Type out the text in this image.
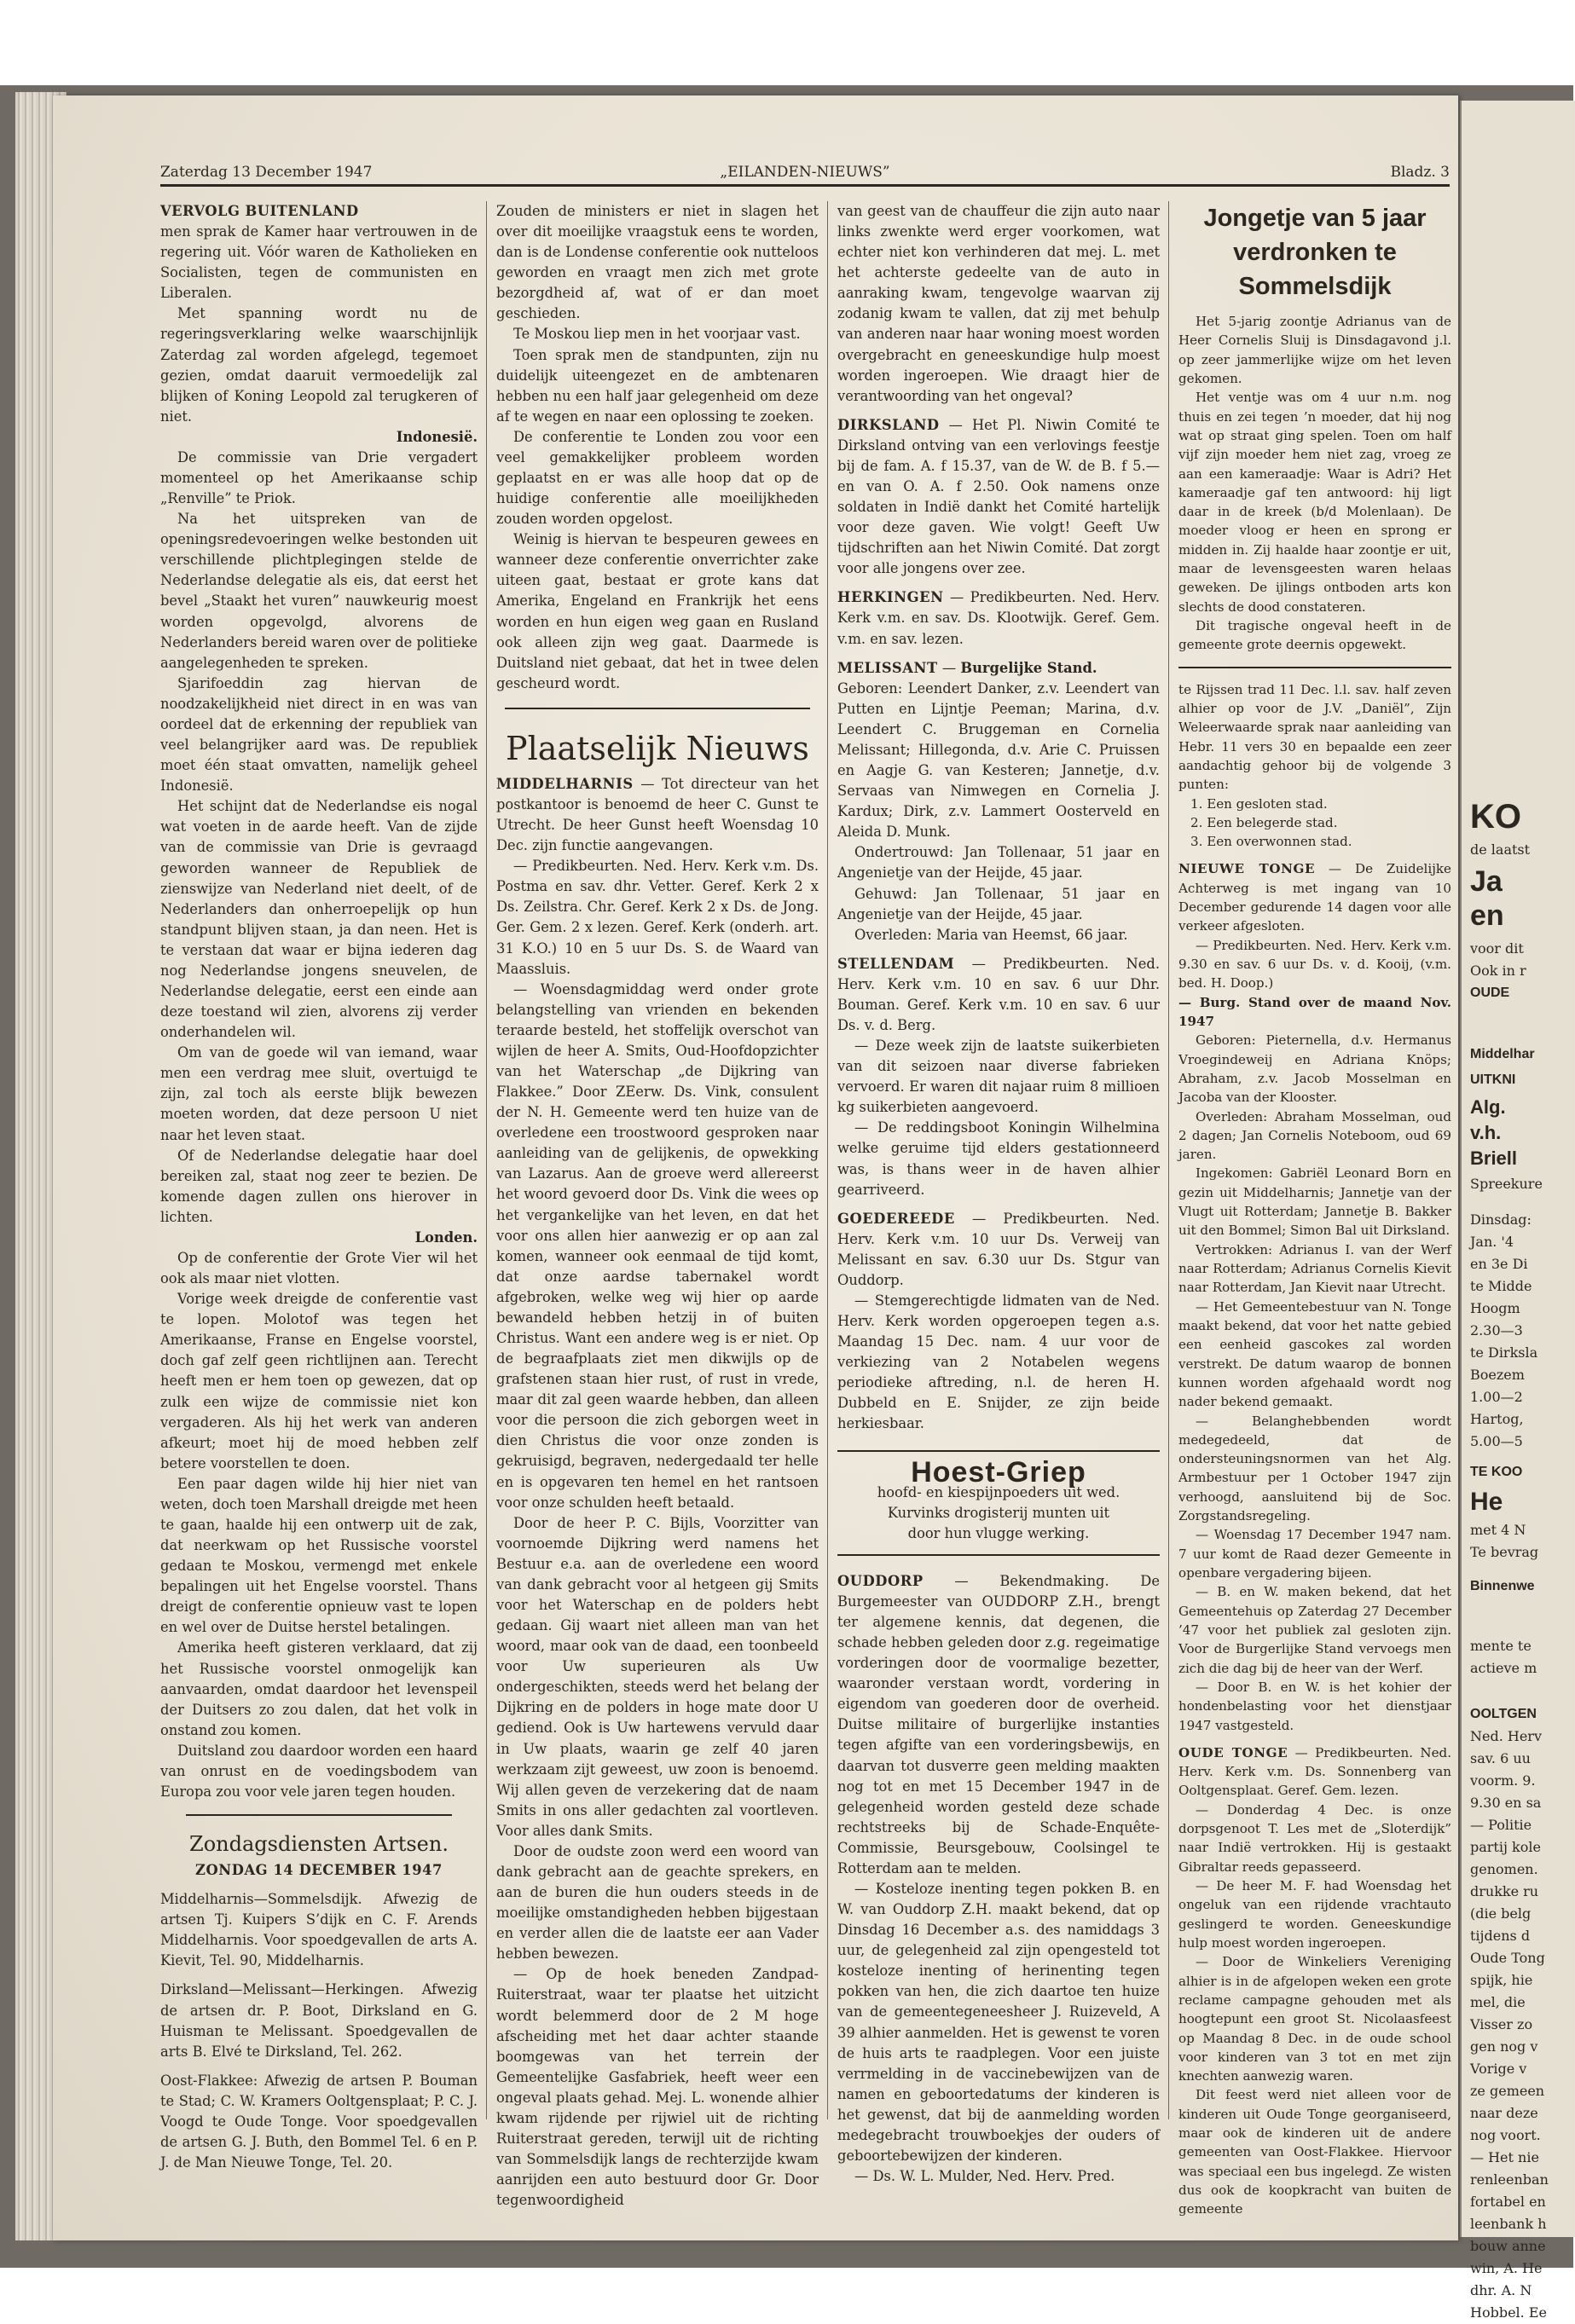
Zaterdag 13 December 1947	„EILANDEN-NIEUWS”	Bladz. 3

VERVOLG BUITENLAND

men sprak de Kamer haar vertrouwen in de regering uit. Vóór waren de Katholieken en Socialisten, tegen de communisten en Liberalen.

Met spanning wordt nu de regeringsverklaring welke waarschijnlijk Zaterdag zal worden afgelegd, tegemoet gezien, omdat daaruit vermoedelijk zal blijken of Koning Leopold zal terugkeren of niet.

Indonesië.

De commissie van Drie vergadert momenteel op het Amerikaanse schip „Renville” te Priok.

Na het uitspreken van de openingsredevoeringen welke bestonden uit verschillende plichtplegingen stelde de Nederlandse delegatie als eis, dat eerst het bevel „Staakt het vuren” nauwkeurig moest worden opgevolgd, alvorens de Nederlanders bereid waren over de politieke aangelegenheden te spreken.

Sjarifoeddin zag hiervan de noodzakelijkheid niet direct in en was van oordeel dat de erkenning der republiek van veel belangrijker aard was. De republiek moet één staat omvatten, namelijk geheel Indonesië.

Het schijnt dat de Nederlandse eis nogal wat voeten in de aarde heeft. Van de zijde van de commissie van Drie is gevraagd geworden wanneer de Republiek de zienswijze van Nederland niet deelt, of de Nederlanders dan onherroepelijk op hun standpunt blijven staan, ja dan neen. Het is te verstaan dat waar er bijna iederen dag nog Nederlandse jongens sneuvelen, de Nederlandse delegatie, eerst een einde aan deze toestand wil zien, alvorens zij verder onderhandelen wil.

Om van de goede wil van iemand, waar men een verdrag mee sluit, overtuigd te zijn, zal toch als eerste blijk bewezen moeten worden, dat deze persoon U niet naar het leven staat.

Of de Nederlandse delegatie haar doel bereiken zal, staat nog zeer te bezien. De komende dagen zullen ons hierover in lichten.

Londen.

Op de conferentie der Grote Vier wil het ook als maar niet vlotten.

Vorige week dreigde de conferentie vast te lopen. Molotof was tegen het Amerikaanse, Franse en Engelse voorstel, doch gaf zelf geen richtlijnen aan. Terecht heeft men er hem toen op gewezen, dat op zulk een wijze de commissie niet kon vergaderen. Als hij het werk van anderen afkeurt; moet hij de moed hebben zelf betere voorstellen te doen.

Een paar dagen wilde hij hier niet van weten, doch toen Marshall dreigde met heen te gaan, haalde hij een ontwerp uit de zak, dat neerkwam op het Russische voorstel gedaan te Moskou, vermengd met enkele bepalingen uit het Engelse voorstel. Thans dreigt de conferentie opnieuw vast te lopen en wel over de Duitse herstel betalingen.

Amerika heeft gisteren verklaard, dat zij het Russische voorstel onmogelijk kan aanvaarden, omdat daardoor het levenspeil der Duitsers zo zou dalen, dat het volk in onstand zou komen.

Duitsland zou daardoor worden een haard van onrust en de voedingsbodem van Europa zou voor vele jaren tegen houden.

Zondagsdiensten Artsen.

ZONDAG 14 DECEMBER 1947

Middelharnis—Sommelsdijk. Afwezig de artsen Tj. Kuipers S’dijk en C. F. Arends Middelharnis. Voor spoedgevallen de arts A. Kievit, Tel. 90, Middelharnis.

Dirksland—Melissant—Herkingen. Afwezig de artsen dr. P. Boot, Dirksland en G. Huisman te Melissant. Spoedgevallen de arts B. Elvé te Dirksland, Tel. 262.

Oost-Flakkee: Afwezig de artsen P. Bouman te Stad; C. W. Kramers Ooltgensplaat; P. C. J. Voogd te Oude Tonge. Voor spoedgevallen de artsen G. J. Buth, den Bommel Tel. 6 en P. J. de Man Nieuwe Tonge, Tel. 20.

Zouden de ministers er niet in slagen het over dit moeilijke vraagstuk eens te worden, dan is de Londense conferentie ook nutteloos geworden en vraagt men zich met grote bezorgdheid af, wat of er dan moet geschieden.

Te Moskou liep men in het voorjaar vast.

Toen sprak men de standpunten, zijn nu duidelijk uiteengezet en de ambtenaren hebben nu een half jaar gelegenheid om deze af te wegen en naar een oplossing te zoeken.

De conferentie te Londen zou voor een veel gemakkelijker probleem worden geplaatst en er was alle hoop dat op de huidige conferentie alle moeilijkheden zouden worden opgelost.

Weinig is hiervan te bespeuren gewees en wanneer deze conferentie onverrichter zake uiteen gaat, bestaat er grote kans dat Amerika, Engeland en Frankrijk het eens worden en hun eigen weg gaan en Rusland ook alleen zijn weg gaat. Daarmede is Duitsland niet gebaat, dat het in twee delen gescheurd wordt.

Plaatselijk Nieuws

MIDDELHARNIS — Tot directeur van het postkantoor is benoemd de heer C. Gunst te Utrecht. De heer Gunst heeft Woensdag 10 Dec. zijn functie aangevangen.

— Predikbeurten. Ned. Herv. Kerk v.m. Ds. Postma en sav. dhr. Vetter. Geref. Kerk 2 x Ds. Zeilstra. Chr. Geref. Kerk 2 x Ds. de Jong. Ger. Gem. 2 x lezen. Geref. Kerk (onderh. art. 31 K.O.) 10 en 5 uur Ds. S. de Waard van Maassluis.

— Woensdagmiddag werd onder grote belangstelling van vrienden en bekenden teraarde besteld, het stoffelijk overschot van wijlen de heer A. Smits, Oud-Hoofdopzichter van het Waterschap „de Dijkring van Flakkee.” Door ZEerw. Ds. Vink, consulent der N. H. Gemeente werd ten huize van de overledene een troostwoord gesproken naar aanleiding van de gelijkenis, de opwekking van Lazarus. Aan de groeve werd allereerst het woord gevoerd door Ds. Vink die wees op het vergankelijke van het leven, en dat het voor ons allen hier aanwezig er op aan zal komen, wanneer ook eenmaal de tijd komt, dat onze aardse tabernakel wordt afgebroken, welke weg wij hier op aarde bewandeld hebben hetzij in of buiten Christus. Want een andere weg is er niet. Op de begraafplaats ziet men dikwijls op de grafstenen staan hier rust, of rust in vrede, maar dit zal geen waarde hebben, dan alleen voor die persoon die zich geborgen weet in dien Christus die voor onze zonden is gekruisigd, begraven, nedergedaald ter helle en is opgevaren ten hemel en het rantsoen voor onze schulden heeft betaald.

Door de heer P. C. Bijls, Voorzitter van voornoemde Dijkring werd namens het Bestuur e.a. aan de overledene een woord van dank gebracht voor al hetgeen gij Smits voor het Waterschap en de polders hebt gedaan. Gij waart niet alleen man van het woord, maar ook van de daad, een toonbeeld voor Uw superieuren als Uw ondergeschikten, steeds werd het belang der Dijkring en de polders in hoge mate door U gediend. Ook is Uw hartewens vervuld daar in Uw plaats, waarin ge zelf 40 jaren werkzaam zijt geweest, uw zoon is benoemd. Wij allen geven de verzekering dat de naam Smits in ons aller gedachten zal voortleven. Voor alles dank Smits.

Door de oudste zoon werd een woord van dank gebracht aan de geachte sprekers, en aan de buren die hun ouders steeds in de moeilijke omstandigheden hebben bijgestaan en verder allen die de laatste eer aan Vader hebben bewezen.

— Op de hoek beneden Zandpad-Ruiterstraat, waar ter plaatse het uitzicht wordt belemmerd door de 2 M hoge afscheiding met het daar achter staande boomgewas van het terrein der Gemeentelijke Gasfabriek, heeft weer een ongeval plaats gehad. Mej. L. wonende alhier kwam rijdende per rijwiel uit de richting Ruiterstraat gereden, terwijl uit de richting van Sommelsdijk langs de rechterzijde kwam aanrijden een auto bestuurd door Gr. Door tegenwoordigheid

van geest van de chauffeur die zijn auto naar links zwenkte werd erger voorkomen, wat echter niet kon verhinderen dat mej. L. met het achterste gedeelte van de auto in aanraking kwam, tengevolge waarvan zij zodanig kwam te vallen, dat zij met behulp van anderen naar haar woning moest worden overgebracht en geneeskundige hulp moest worden ingeroepen. Wie draagt hier de verantwoording van het ongeval?

DIRKSLAND — Het Pl. Niwin Comité te Dirksland ontving van een verlovings feestje bij de fam. A. f 15.37, van de W. de B. f 5.— en van O. A. f 2.50. Ook namens onze soldaten in Indië dankt het Comité hartelijk voor deze gaven. Wie volgt! Geeft Uw tijdschriften aan het Niwin Comité. Dat zorgt voor alle jongens over zee.

HERKINGEN — Predikbeurten. Ned. Herv. Kerk v.m. en sav. Ds. Klootwijk. Geref. Gem. v.m. en sav. lezen.

MELISSANT — Burgelijke Stand.

Geboren: Leendert Danker, z.v. Leendert van Putten en Lijntje Peeman; Marina, d.v. Leendert C. Bruggeman en Cornelia Melissant; Hillegonda, d.v. Arie C. Pruissen en Aagje G. van Kesteren; Jannetje, d.v. Servaas van Nimwegen en Cornelia J. Kardux; Dirk, z.v. Lammert Oosterveld en Aleida D. Munk.

Ondertrouwd: Jan Tollenaar, 51 jaar en Angenietje van der Heijde, 45 jaar.

Gehuwd: Jan Tollenaar, 51 jaar en Angenietje van der Heijde, 45 jaar.

Overleden: Maria van Heemst, 66 jaar.

STELLENDAM — Predikbeurten. Ned. Herv. Kerk v.m. 10 en sav. 6 uur Dhr. Bouman. Geref. Kerk v.m. 10 en sav. 6 uur Ds. v. d. Berg.

— Deze week zijn de laatste suikerbieten van dit seizoen naar diverse fabrieken vervoerd. Er waren dit najaar ruim 8 millioen kg suikerbieten aangevoerd.

— De reddingsboot Koningin Wilhelmina welke geruime tijd elders gestationneerd was, is thans weer in de haven alhier gearriveerd.

GOEDEREEDE — Predikbeurten. Ned. Herv. Kerk v.m. 10 uur Ds. Verweij van Melissant en sav. 6.30 uur Ds. Stgur van Ouddorp.

— Stemgerechtigde lidmaten van de Ned. Herv. Kerk worden opgeroepen tegen a.s. Maandag 15 Dec. nam. 4 uur voor de verkiezing van 2 Notabelen wegens periodieke aftreding, n.l. de heren H. Dubbeld en E. Snijder, ze zijn beide herkiesbaar.

Hoest-Griep

hoofd- en kiespijnpoeders uit wed. Kurvinks drogisterij munten uit door hun vlugge werking.

OUDDORP — Bekendmaking. De Burgemeester van OUDDORP Z.H., brengt ter algemene kennis, dat degenen, die schade hebben geleden door z.g. regeimatige vorderingen door de voormalige bezetter, waaronder verstaan wordt, vordering in eigendom van goederen door de overheid. Duitse militaire of burgerlijke instanties tegen afgifte van een vorderingsbewijs, en daarvan tot dusverre geen melding maakten nog tot en met 15 December 1947 in de gelegenheid worden gesteld deze schade rechtstreeks bij de Schade-Enquête-Commissie, Beursgebouw, Coolsingel te Rotterdam aan te melden.

— Kosteloze inenting tegen pokken B. en W. van Ouddorp Z.H. maakt bekend, dat op Dinsdag 16 December a.s. des namiddags 3 uur, de gelegenheid zal zijn opengesteld tot kosteloze inenting of herinenting tegen pokken van hen, die zich daartoe ten huize van de gemeentegeneesheer J. Ruizeveld, A 39 alhier aanmelden. Het is gewenst te voren de huis arts te raadplegen. Voor een juiste verrmelding in de vaccinebewijzen van de namen en geboortedatums der kinderen is het gewenst, dat bij de aanmelding worden medegebracht trouwboekjes der ouders of geboortebewijzen der kinderen.

— Ds. W. L. Mulder, Ned. Herv. Pred.

Jongetje van 5 jaar verdronken te Sommelsdijk

Het 5-jarig zoontje Adrianus van de Heer Cornelis Sluij is Dinsdagavond j.l. op zeer jammerlijke wijze om het leven gekomen.

Het ventje was om 4 uur n.m. nog thuis en zei tegen ’n moeder, dat hij nog wat op straat ging spelen. Toen om half vijf zijn moeder hem niet zag, vroeg ze aan een kameraadje: Waar is Adri? Het kameraadje gaf ten antwoord: hij ligt daar in de kreek (b/d Molenlaan). De moeder vloog er heen en sprong er midden in. Zij haalde haar zoontje er uit, maar de levensgeesten waren helaas geweken. De ijlings ontboden arts kon slechts de dood constateren.

Dit tragische ongeval heeft in de gemeente grote deernis opgewekt.

te Rijssen trad 11 Dec. l.l. sav. half zeven alhier op voor de J.V. „Daniël”, Zijn Weleerwaarde sprak naar aanleiding van Hebr. 11 vers 30 en bepaalde een zeer aandachtig gehoor bij de volgende 3 punten:

1. Een gesloten stad.

2. Een belegerde stad.

3. Een overwonnen stad.

NIEUWE TONGE — De Zuidelijke Achterweg is met ingang van 10 December gedurende 14 dagen voor alle verkeer afgesloten.

— Predikbeurten. Ned. Herv. Kerk v.m. 9.30 en sav. 6 uur Ds. v. d. Kooij, (v.m. bed. H. Doop.)

— Burg. Stand over de maand Nov. 1947

Geboren: Pieternella, d.v. Hermanus Vroegindeweij en Adriana Knöps; Abraham, z.v. Jacob Mosselman en Jacoba van der Klooster.

Overleden: Abraham Mosselman, oud 2 dagen; Jan Cornelis Noteboom, oud 69 jaren.

Ingekomen: Gabriël Leonard Born en gezin uit Middelharnis; Jannetje van der Vlugt uit Rotterdam; Jannetje B. Bakker uit den Bommel; Simon Bal uit Dirksland.

Vertrokken: Adrianus I. van der Werf naar Rotterdam; Adrianus Cornelis Kievit naar Rotterdam, Jan Kievit naar Utrecht.

— Het Gemeentebestuur van N. Tonge maakt bekend, dat voor het natte gebied een eenheid gascokes zal worden verstrekt. De datum waarop de bonnen kunnen worden afgehaald wordt nog nader bekend gemaakt.

— Belanghebbenden wordt medegedeeld, dat de ondersteuningsnormen van het Alg. Armbestuur per 1 October 1947 zijn verhoogd, aansluitend bij de Soc. Zorgstandsregeling.

— Woensdag 17 December 1947 nam. 7 uur komt de Raad dezer Gemeente in openbare vergadering bijeen.

— B. en W. maken bekend, dat het Gemeentehuis op Zaterdag 27 December ’47 voor het publiek zal gesloten zijn. Voor de Burgerlijke Stand vervoegs men zich die dag bij de heer van der Werf.

— Door B. en W. is het kohier der hondenbelasting voor het dienstjaar 1947 vastgesteld.

OUDE TONGE — Predikbeurten. Ned. Herv. Kerk v.m. Ds. Sonnenberg van Ooltgensplaat. Geref. Gem. lezen.

— Donderdag 4 Dec. is onze dorpsgenoot T. Les met de „Sloterdijk” naar Indië vertrokken. Hij is gestaakt Gibraltar reeds gepasseerd.

— De heer M. F. had Woensdag het ongeluk van een rijdende vrachtauto geslingerd te worden. Geneeskundige hulp moest worden ingeroepen.

— Door de Winkeliers Vereniging alhier is in de afgelopen weken een grote reclame campagne gehouden met als hoogtepunt een groot St. Nicolaasfeest op Maandag 8 Dec. in de oude school voor kinderen van 3 tot en met zijn knechten aanwezig waren.

Dit feest werd niet alleen voor de kinderen uit Oude Tonge georganiseerd, maar ook de kinderen uit de andere gemeenten van Oost-Flakkee. Hiervoor was speciaal een bus ingelegd. Ze wisten dus ook de koopkracht van buiten de gemeente

KO
de laatst
Ja
en
voor dit
Ook in r
OUDE
Middelhar
UITKNI
Alg.
v.h.
Briell
Spreekure
Dinsdag:
Jan. '4
en 3e Di
te Midde
Hoogm
2.30—3
te Dirksla
Boezem
1.00—2
Hartog,
5.00—5
TE KOO
He
met 4 N
Te bevrag
Binnenwe
mente te
actieve m
OOLTGEN
Ned. Herv
sav. 6 uu
voorm. 9.
9.30 en sa
— Politie
partij kole
genomen.
drukke ru
(die belg
tijdens d
Oude Tong
spijk, hie
mel, die
Visser zo
gen nog v
Vorige v
ze gemeen
naar deze
nog voort.
— Het nie
renleenban
fortabel en
leenbank h
bouw anne
win, A. He
dhr. A. N
Hobbel. Ee
